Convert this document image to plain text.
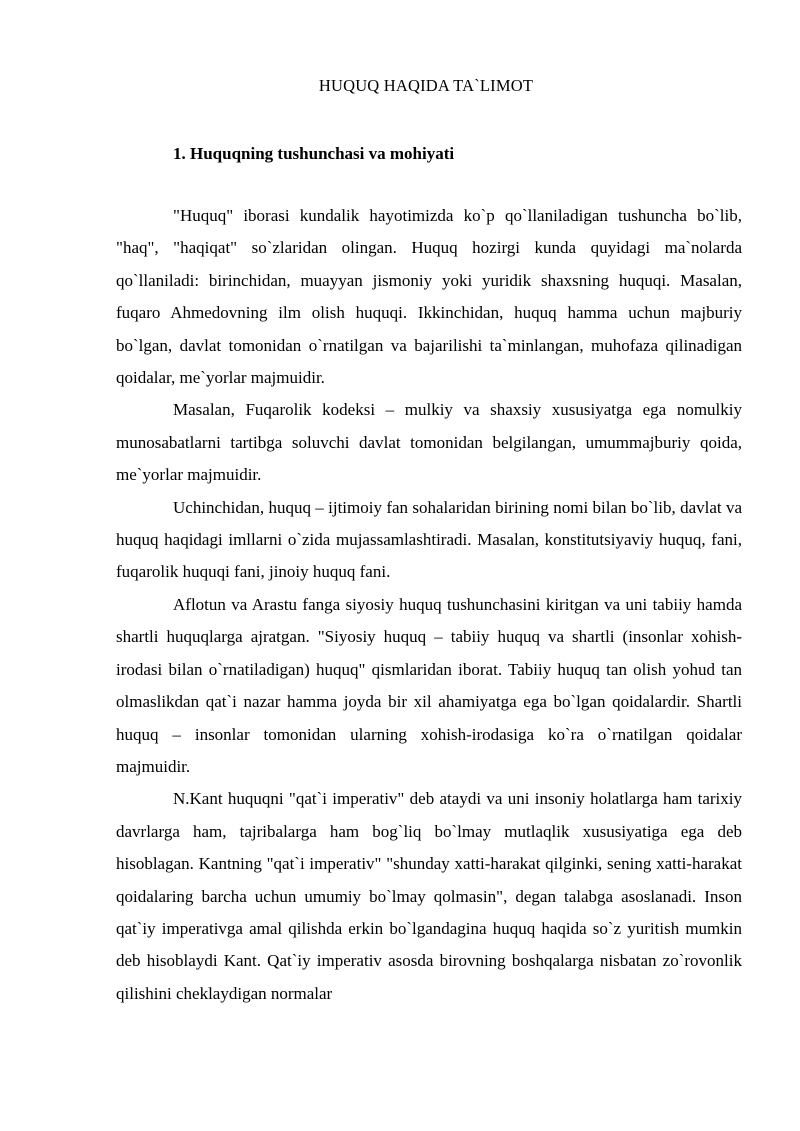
HUQUQ HAQIDA TA`LIMOT
1. Huquqning tushunchasi va mohiyati

"Huquq" iborasi kundalik hayotimizda ko`p qo`llaniladigan tushuncha bo`lib, "haq", "haqiqat" so`zlaridan olingan. Huquq hozirgi kunda quyidagi ma`nolarda qo`llaniladi: birinchidan, muayyan jismoniy yoki yuridik shaxsning huquqi. Masalan, fuqaro Ahmedovning ilm olish huquqi. Ikkinchidan, huquq hamma uchun majburiy bo`lgan, davlat tomonidan o`rnatilgan va bajarilishi ta`minlangan, muhofaza qilinadigan qoidalar, me`yorlar majmuidir.

Masalan, Fuqarolik kodeksi – mulkiy va shaxsiy xususiyatga ega nomulkiy munosabatlarni tartibga soluvchi davlat tomonidan belgilangan, umummajburiy qoida, me`yorlar majmuidir.

Uchinchidan, huquq – ijtimoiy fan sohalaridan birining nomi bilan bo`lib, davlat va huquq haqidagi imllarni o`zida mujassamlashtiradi. Masalan, konstitutsiyaviy huquq, fani, fuqarolik huquqi fani, jinoiy huquq fani.

Aflotun va Arastu fanga siyosiy huquq tushunchasini kiritgan va uni tabiiy hamda shartli huquqlarga ajratgan. "Siyosiy huquq – tabiiy huquq va shartli (insonlar xohish-irodasi bilan o`rnatiladigan) huquq" qismlaridan iborat. Tabiiy huquq tan olish yohud tan olmaslikdan qat`i nazar hamma joyda bir xil ahamiyatga ega bo`lgan qoidalardir. Shartli huquq – insonlar tomonidan ularning xohish-irodasiga ko`ra o`rnatilgan qoidalar majmuidir.

N.Kant huquqni "qat`i imperativ" deb ataydi va uni insoniy holatlarga ham tarixiy davrlarga ham, tajribalarga ham bog`liq bo`lmay mutlaqlik xususiyatiga ega deb hisoblagan. Kantning "qat`i imperativ" "shunday xatti-harakat qilginki, sening xatti-harakat qoidalaring barcha uchun umumiy bo`lmay qolmasin", degan talabga asoslanadi. Inson qat`iy imperativga amal qilishda erkin bo`lgandagina huquq haqida so`z yuritish mumkin deb hisoblaydi Kant. Qat`iy imperativ asosda birovning boshqalarga nisbatan zo`rovonlik qilishini cheklaydigan normalar
